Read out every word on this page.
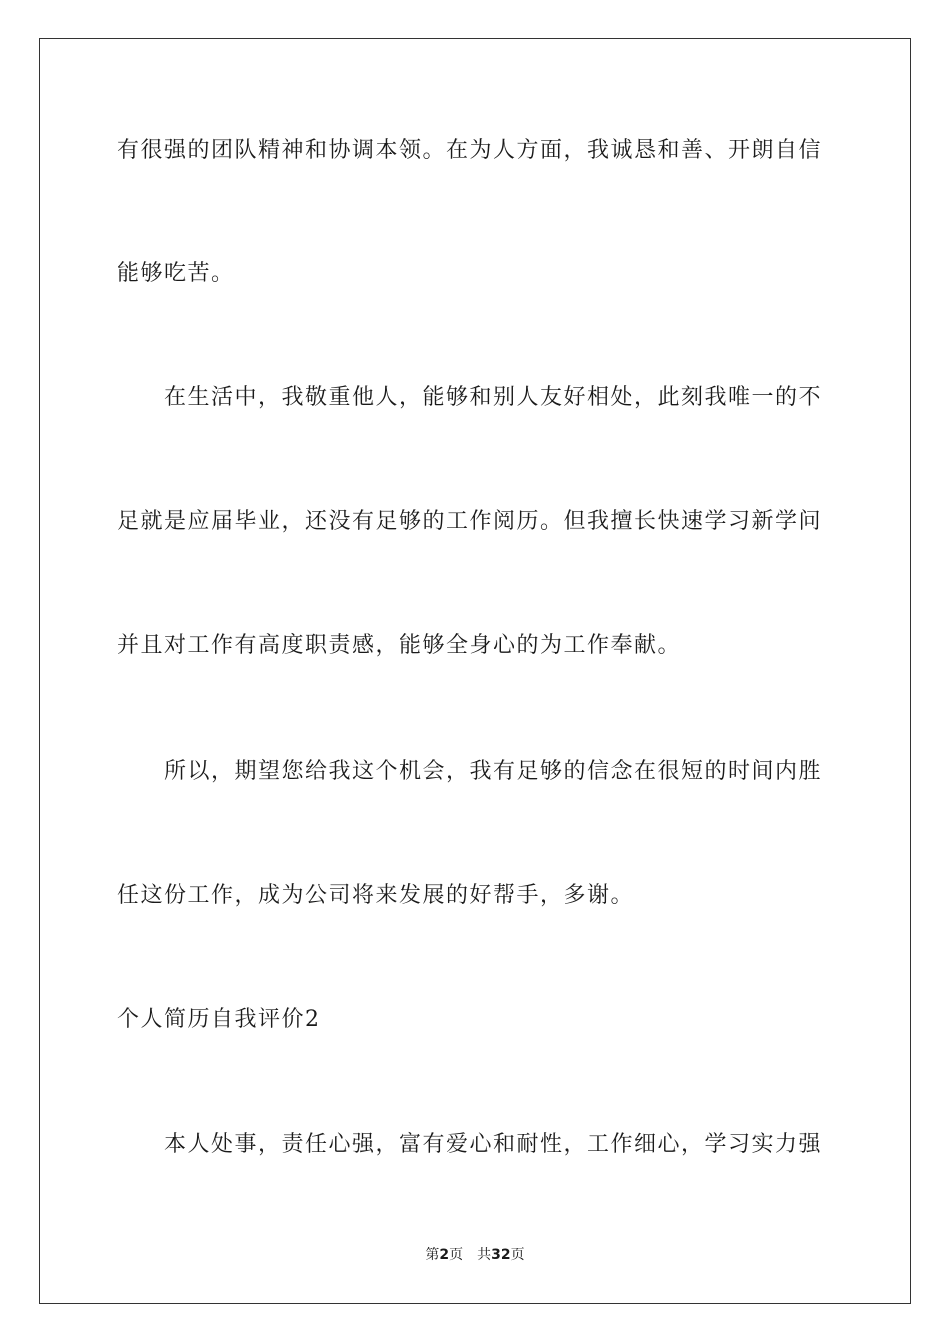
有很强的团队精神和协调本领。在为人方面，我诚恳和善、开朗自信
能够吃苦。
在生活中，我敬重他人，能够和别人友好相处，此刻我唯一的不
足就是应届毕业，还没有足够的工作阅历。但我擅长快速学习新学问
并且对工作有高度职责感，能够全身心的为工作奉献。
所以，期望您给我这个机会，我有足够的信念在很短的时间内胜
任这份工作，成为公司将来发展的好帮手，多谢。
个人简历自我评价2
本人处事，责任心强，富有爱心和耐性，工作细心，学习实力强
第2页 共32页
